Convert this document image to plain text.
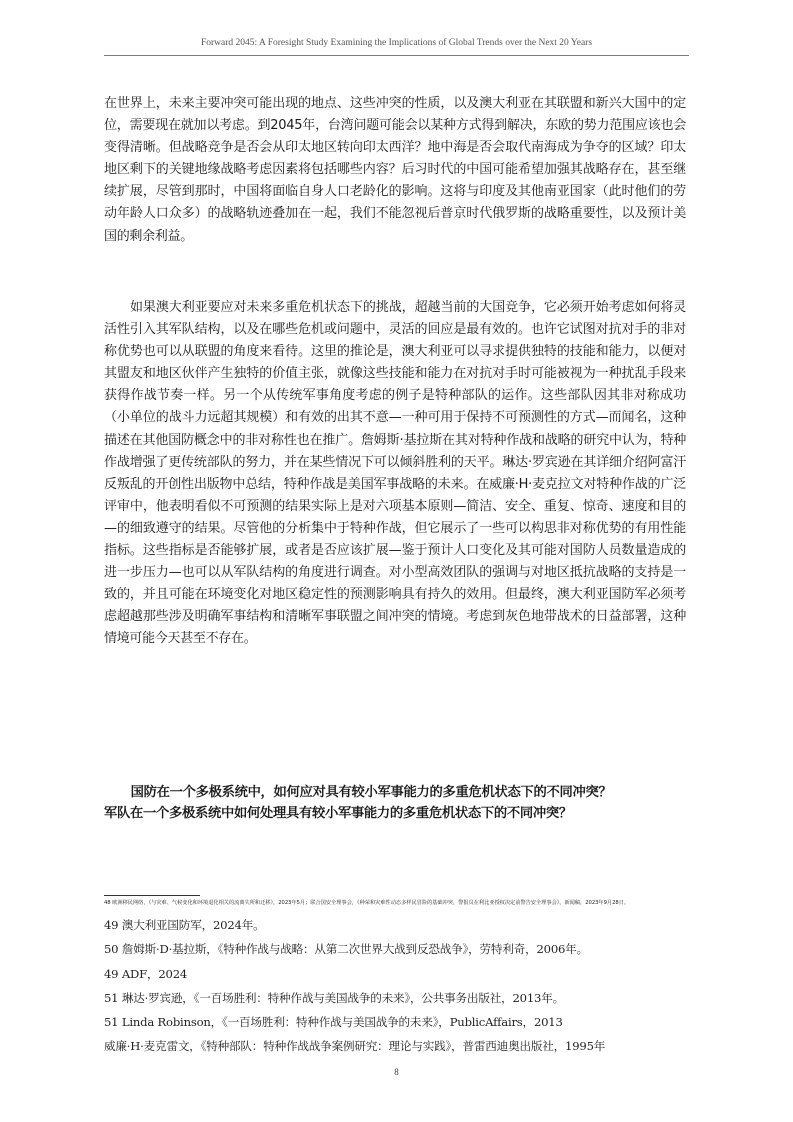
Forward 2045: A Foresight Study Examining the Implications of Global Trends over the Next 20 Years

在世界上，未来主要冲突可能出现的地点、这些冲突的性质，以及澳大利亚在其联盟和新兴大国中的定位，需要现在就加以考虑。到2045年，台湾问题可能会以某种方式得到解决，东欧的势力范围应该也会变得清晰。但战略竞争是否会从印太地区转向印太西洋？地中海是否会取代南海成为争夺的区域？印太地区剩下的关键地缘战略考虑因素将包括哪些内容？后习时代的中国可能希望加强其战略存在，甚至继续扩展，尽管到那时，中国将面临自身人口老龄化的影响。这将与印度及其他南亚国家（此时他们的劳动年龄人口众多）的战略轨迹叠加在一起，我们不能忽视后普京时代俄罗斯的战略重要性，以及预计美国的剩余利益。

如果澳大利亚要应对未来多重危机状态下的挑战，超越当前的大国竞争，它必须开始考虑如何将灵活性引入其军队结构，以及在哪些危机或问题中，灵活的回应是最有效的。也许它试图对抗对手的非对称优势也可以从联盟的角度来看待。这里的推论是，澳大利亚可以寻求提供独特的技能和能力，以便对其盟友和地区伙伴产生独特的价值主张，就像这些技能和能力在对抗对手时可能被视为一种扰乱手段来获得作战节奏一样。另一个从传统军事角度考虑的例子是特种部队的运作。这些部队因其非对称成功（小单位的战斗力远超其规模）和有效的出其不意—一种可用于保持不可预测性的方式—而闻名，这种描述在其他国防概念中的非对称性也在推广。詹姆斯·基拉斯在其对特种作战和战略的研究中认为，特种作战增强了更传统部队的努力，并在某些情况下可以倾斜胜利的天平。琳达·罗宾逊在其详细介绍阿富汗反叛乱的开创性出版物中总结，特种作战是美国军事战略的未来。在威廉·H·麦克拉文对特种作战的广泛评审中，他表明看似不可预测的结果实际上是对六项基本原则—简洁、安全、重复、惊奇、速度和目的—的细致遵守的结果。尽管他的分析集中于特种作战，但它展示了一些可以构思非对称优势的有用性能指标。这些指标是否能够扩展，或者是否应该扩展—鉴于预计人口变化及其可能对国防人员数量造成的进一步压力—也可以从军队结构的角度进行调查。对小型高效团队的强调与对地区抵抗战略的支持是一致的，并且可能在环境变化对地区稳定性的预测影响具有持久的效用。但最终，澳大利亚国防军必须考虑超越那些涉及明确军事结构和清晰军事联盟之间冲突的情境。考虑到灰色地带战术的日益部署，这种情境可能今天甚至不存在。

国防在一个多极系统中，如何应对具有较小军事能力的多重危机状态下的不同冲突？
军队在一个多极系统中如何处理具有较小军事能力的多重危机状态下的不同冲突？
48 欧洲移民网络，《与灾难、气候变化和环境退化相关的流离失所和迁移》，2023年5月；联合国安全理事会，《种荣和灾难性动态多样民冒险的基础冲突，警报员在利比亚授权决定前警告安全理事会》，新闻稿，2023年9月28日。
49 澳大利亚国防军，2024年。
50 詹姆斯·D·基拉斯，《特种作战与战略：从第二次世界大战到反恐战争》，劳特利奇，2006年。
49 ADF，2024
51 琳达·罗宾逊，《一百场胜利：特种作战与美国战争的未来》，公共事务出版社，2013年。
51 Linda Robinson，《一百场胜利：特种作战与美国战争的未来》，PublicAffairs，2013
威廉·H·麦克雷文，《特种部队：特种作战战争案例研究：理论与实践》，普雷西迪奥出版社，1995年
8
